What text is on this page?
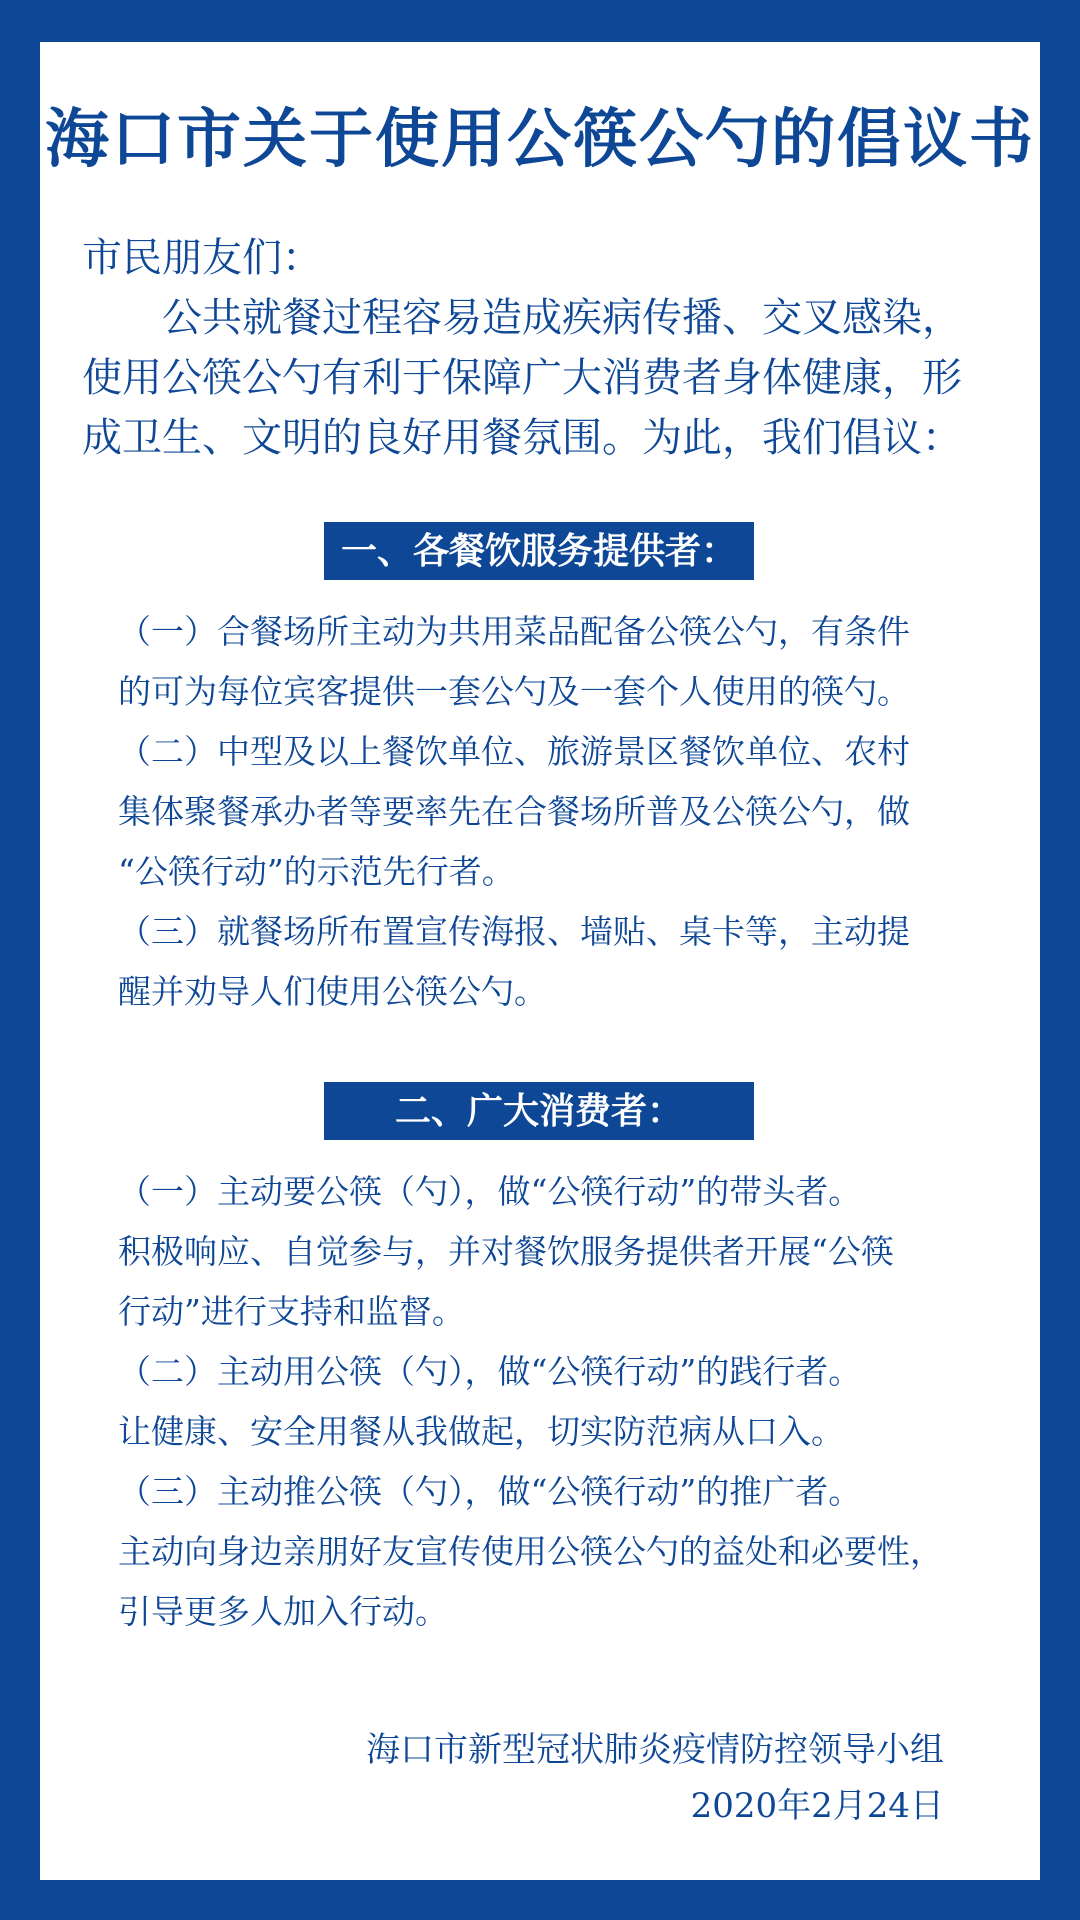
海口市关于使用公筷公勺的倡议书

市民朋友们：

公共就餐过程容易造成疾病传播、交叉感染，
使用公筷公勺有利于保障广大消费者身体健康，形
成卫生、文明的良好用餐氛围。为此，我们倡议：

一、各餐饮服务提供者：
（一）合餐场所主动为共用菜品配备公筷公勺，有条件
的可为每位宾客提供一套公勺及一套个人使用的筷勺。
（二）中型及以上餐饮单位、旅游景区餐饮单位、农村
集体聚餐承办者等要率先在合餐场所普及公筷公勺，做
“公筷行动”的示范先行者。
（三）就餐场所布置宣传海报、墙贴、桌卡等，主动提
醒并劝导人们使用公筷公勺。
二、广大消费者：
（一）主动要公筷（勺），做“公筷行动”的带头者。
积极响应、自觉参与，并对餐饮服务提供者开展“公筷
行动”进行支持和监督。
（二）主动用公筷（勺），做“公筷行动”的践行者。
让健康、安全用餐从我做起，切实防范病从口入。
（三）主动推公筷（勺），做“公筷行动”的推广者。
主动向身边亲朋好友宣传使用公筷公勺的益处和必要性，
引导更多人加入行动。

海口市新型冠状肺炎疫情防控领导小组
2020年2月24日
